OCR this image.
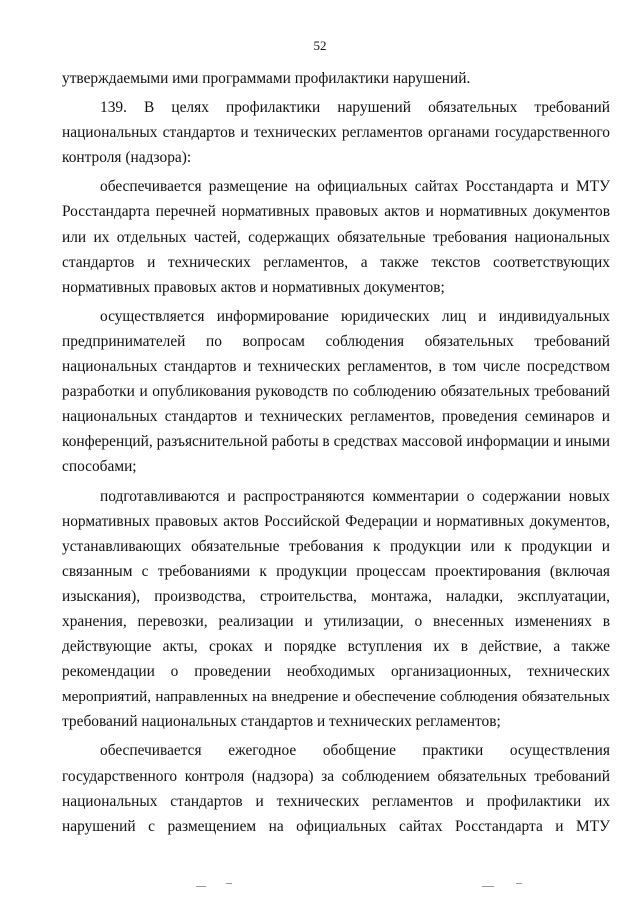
52
утверждаемыми ими программами профилактики нарушений.
139. В целях профилактики нарушений обязательных требований
национальных стандартов и технических регламентов органами государственного
контроля (надзора):
обеспечивается размещение на официальных сайтах Росстандарта и МТУ
Росстандарта перечней нормативных правовых актов и нормативных документов
или их отдельных частей, содержащих обязательные требования национальных
стандартов и технических регламентов, а также текстов соответствующих
нормативных правовых актов и нормативных документов;
осуществляется информирование юридических лиц и индивидуальных
предпринимателей по вопросам соблюдения обязательных требований
национальных стандартов и технических регламентов, в том числе посредством
разработки и опубликования руководств по соблюдению обязательных требований
национальных стандартов и технических регламентов, проведения семинаров и
конференций, разъяснительной работы в средствах массовой информации и иными
способами;
подготавливаются и распространяются комментарии о содержании новых
нормативных правовых актов Российской Федерации и нормативных документов,
устанавливающих обязательные требования к продукции или к продукции и
связанным с требованиями к продукции процессам проектирования (включая
изыскания), производства, строительства, монтажа, наладки, эксплуатации,
хранения, перевозки, реализации и утилизации, о внесенных изменениях в
действующие акты, сроках и порядке вступления их в действие, а также
рекомендации о проведении необходимых организационных, технических
мероприятий, направленных на внедрение и обеспечение соблюдения обязательных
требований национальных стандартов и технических регламентов;
обеспечивается ежегодное обобщение практики осуществления
государственного контроля (надзора) за соблюдением обязательных требований
национальных стандартов и технических регламентов и профилактики их
нарушений с размещением на официальных сайтах Росстандарта и МТУ
